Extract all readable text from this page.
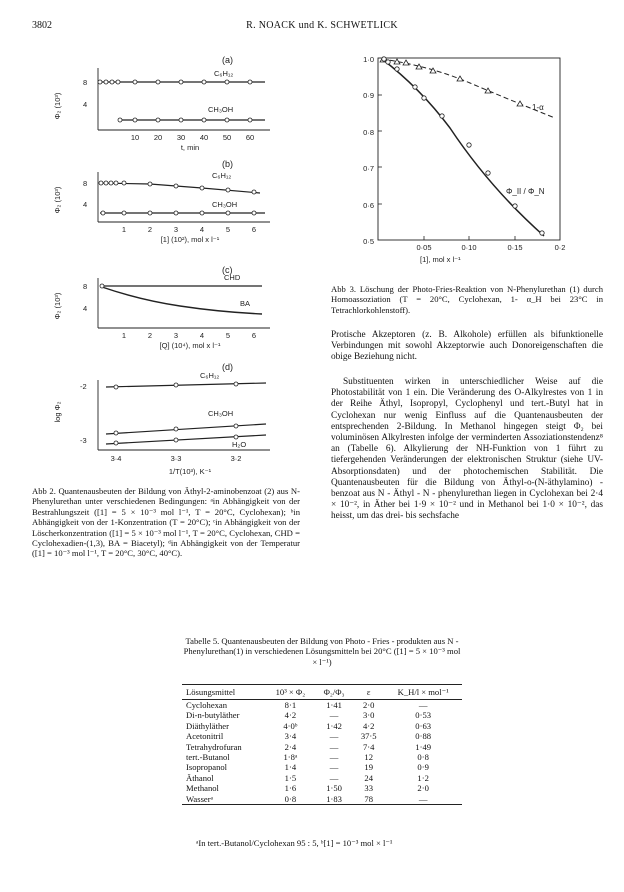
3802	R. NOACK und K. SCHWETLICK
(a)
Φ₂ (10³)
8
4
10 20 30 40 50 60
t, min
C₆H₁₂
CH₃OH
(b)
Φ₂ (10³)
8
4
1	2	3	4	5	6
[1] (10²), mol x l⁻¹
C₆H₁₂
CH₃OH
(c)
Φ₂ (10³)
8
4
1	2	3	4	5	6
[Q] (10⁴), mol x l⁻¹
CHD
BA
(d)
log Φ₂
-2
-3
3·4	3·3	3·2
1/T(10³), K⁻¹
C₆H₁₂
CH₃OH
H₂O
Abb 2. Quantenausbeuten der Bildung von Äthyl-2-aminobenzoat (2) aus N-Phenylurethan unter verschiedenen Bedingungen: ᵃin Abhängigkeit von der Bestrahlungszeit ([1] = 5 × 10⁻³ mol l⁻¹, T = 20°C, Cyclohexan); ᵇin Abhängigkeit von der 1-Konzentration (T = 20°C); ᶜin Abhängigkeit von der Löscherkonzentration ([1] = 5 × 10⁻³ mol l⁻¹, T = 20°C, Cyclohexan, CHD = Cyclohexadien-(1,3), BA = Biacetyl); ᵈin Abhängigkeit von der Temperatur ([1] = 10⁻³ mol l⁻¹, T = 20°C, 30°C, 40°C).
1·0
0·9
0·8
0·7
0·6
0·5
0·05	0·10	0·15	0·2
[1], mol x l⁻¹
1-α
Φ_II / Φ_N
Abb 3. Löschung der Photo-Fries-Reaktion von N-Phenylurethan (1) durch Homoassoziation (T = 20°C, Cyclohexan, 1- α_H bei 23°C in Tetrachlorkohlenstoff).
Protische Akzeptoren (z. B. Alkohole) erfüllen als bifunktionelle Verbindungen mit sowohl Akzeptorwie auch Donoreigenschaften die obige Beziehung nicht.
Substituenten wirken in unterschiedlicher Weise auf die Photostabilität von 1 ein. Die Veränderung des O-Alkylrestes von 1 in der Reihe Äthyl, Isopropyl, Cyclophenyl und tert.-Butyl hat in Cyclohexan nur wenig Einfluss auf die Quantenausbeuten der entsprechenden 2-Bildung. In Methanol hingegen steigt Φ₂ bei voluminösen Alkylresten infolge der verminderten Assoziationstendenz⁸ an (Tabelle 6). Alkylierung der NH-Funktion von 1 führt zu tiefergehenden Veränderungen der elektronischen Struktur (siehe UV-Absorptionsdaten) und der photochemischen Stabilität. Die Quantenausbeuten für die Bildung von Äthyl-o-(N-äthylamino) - benzoat aus N - Äthyl - N - phenylurethan liegen in Cyclohexan bei 2·4 × 10⁻², in Äther bei 1·9 × 10⁻² und in Methanol bei 1·0 × 10⁻², das heisst, um das drei- bis sechsfache
Tabelle 5. Quantenausbeuten der Bildung von Photo - Fries - produkten aus N - Phenylurethan(1) in verschiedenen Lösungsmitteln bei 20°C ([1] = 5 × 10⁻³ mol × l⁻¹)
Lösungsmittel	10³ × Φ₂	Φ₂/Φ₃	ε	K_H/l × mol⁻¹
Cyclohexan	8·1	1·41	2·0	—
Di-n-butyläther	4·2	—	3·0	0·53
Diäthyläther	4·0ᵇ	1·42	4·2	0·63
Acetonitril	3·4	—	37·5	0·88
Tetrahydrofuran	2·4	—	7·4	1·49
tert.-Butanol	1·8ᵃ	—	12	0·8
Isopropanol	1·4	—	19	0·9
Äthanol	1·5	—	24	1·2
Methanol	1·6	1·50	33	2·0
Wasserᵃ	0·8	1·83	78	—
ᵃIn tert.-Butanol/Cyclohexan 95 : 5, ᵇ[1] = 10⁻³ mol × l⁻¹
